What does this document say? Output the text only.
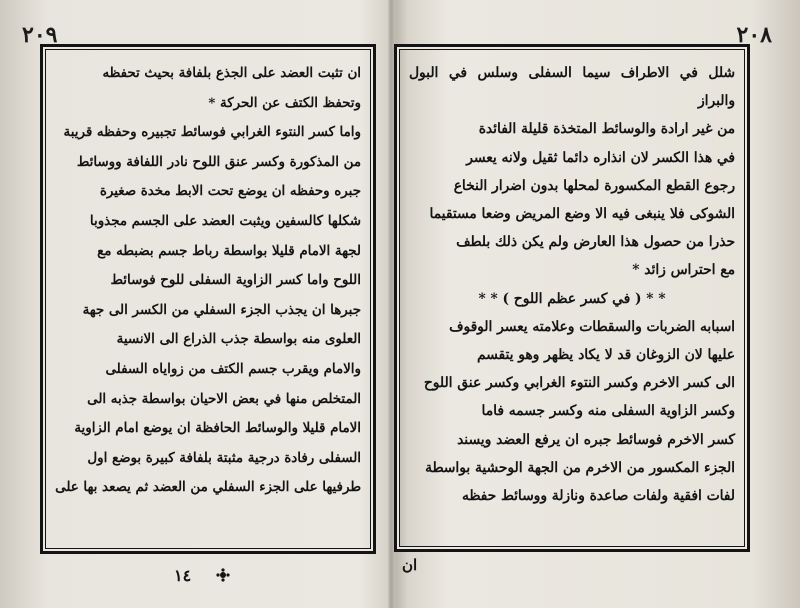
٢٠٩

ان تثبت العضد على الجذع بلفافة بحيث تحفظه

وتحفظ الكتف عن الحركة *

واما كسر النتوء الغرابي فوسائط تجبيره وحفظه قريبة

من المذكورة وكسر عنق اللوح نادر اللفافة ووسائط

جبره وحفظه ان يوضع تحت الابط مخدة صغيرة

شكلها كالسفين ويثبت العضد على الجسم مجذوبا

لجهة الامام قليلا بواسطة رباط جسم بضبطه مع

اللوح واما كسر الزاوية السفلى للوح فوسائط

جبرها ان يجذب الجزء السفلي من الكسر الى جهة

العلوى منه بواسطة جذب الذراع الى الانسية

والامام ويقرب جسم الكتف من زواياه السفلى

المتخلص منها في بعض الاحيان بواسطة جذبه الى

الامام قليلا والوسائط الحافظة ان يوضع امام الزاوية

السفلى رفادة درجية مثبتة بلفافة كبيرة بوضع اول

طرفيها على الجزء السفلي من العضد ثم يصعد بها على

١٤
٢٠٨

شلل في الاطراف سيما السفلى وسلس في البول والبراز

من غير ارادة والوسائط المتخذة قليلة الفائدة

في هذا الكسر لان انذاره دائما ثقيل ولانه يعسر

رجوع القطع المكسورة لمحلها بدون اضرار النخاع

الشوكى فلا ينبغى فيه الا وضع المريض وضعا مستقيما

حذرا من حصول هذا العارض ولم يكن ذلك بلطف

مع احتراس زائد *

* * ( في كسر عظم اللوح ) * *

اسبابه الضربات والسقطات وعلامته يعسر الوقوف

عليها لان الزوغان قد لا يكاد يظهر وهو يتقسم

الى كسر الاخرم وكسر النتوء الغرابي وكسر عنق اللوح

وكسر الزاوية السفلى منه وكسر جسمه فاما

كسر الاخرم فوسائط جبره ان يرفع العضد ويسند

الجزء المكسور من الاخرم من الجهة الوحشية بواسطة

لفات افقية ولفات صاعدة ونازلة ووسائط حفظه

ان
